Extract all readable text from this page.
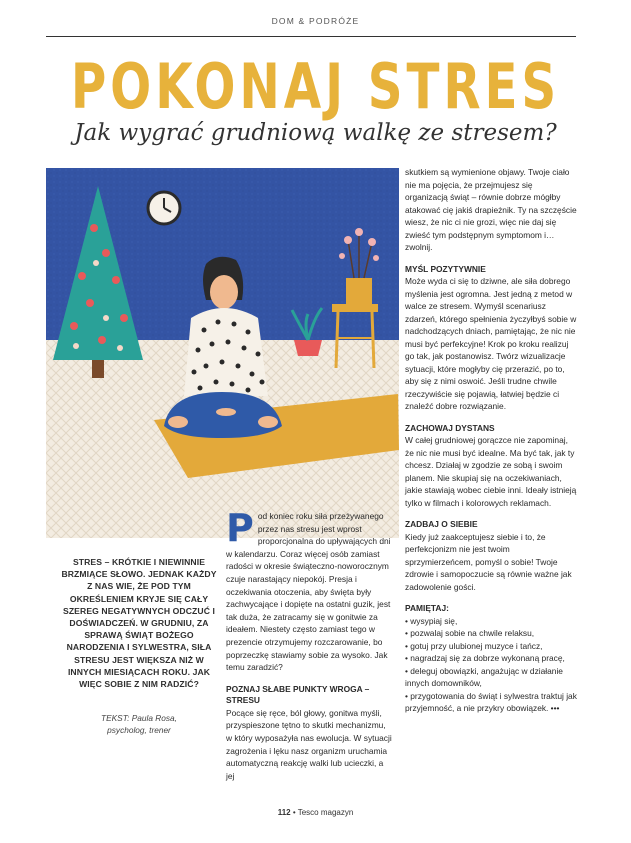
DOM & PODRÓŻE
POKONAJ STRES
Jak wygrać grudniową walkę ze stresem?

STRES – KRÓTKIE I NIEWINNIE BRZMIĄCE SŁOWO. JEDNAK KAŻDY Z NAS WIE, ŻE POD TYM OKREŚLENIEM KRYJE SIĘ CAŁY SZEREG NEGATYWNYCH ODCZUĆ I DOŚWIADCZEŃ. W GRUDNIU, ZA SPRAWĄ ŚWIĄT BOŻEGO NARODZENIA I SYLWESTRA, SIŁA STRESU JEST WIĘKSZA NIŻ W INNYCH MIESIĄCACH ROKU. JAK WIĘC SOBIE Z NIM RADZIĆ?

TEKST: Paula Rosa,
psycholog, trener

Pod koniec roku siła przeżywanego przez nas stresu jest wprost proporcjonalna do upływających dni w kalendarzu. Coraz więcej osób zamiast radości w okresie świąteczno-noworocznym czuje narastający niepokój. Presja i oczekiwania otoczenia, aby święta były zachwycające i dopięte na ostatni guzik, jest tak duża, że zatracamy się w gonitwie za ideałem. Niestety często zamiast tego w prezencie otrzymujemy rozczarowanie, bo poprzeczkę stawiamy sobie za wysoko. Jak temu zaradzić?

POZNAJ SŁABE PUNKTY WROGA – STRESU

Pocące się ręce, ból głowy, gonitwa myśli, przyspieszone tętno to skutki mechanizmu, w który wyposażyła nas ewolucja. W sytuacji zagrożenia i lęku nasz organizm uruchamia automatyczną reakcję walki lub ucieczki, a jej

skutkiem są wymienione objawy. Twoje ciało nie ma pojęcia, że przejmujesz się organizacją świąt – równie dobrze mógłby atakować cię jakiś drapieżnik. Ty na szczęście wiesz, że nic ci nie grozi, więc nie daj się zwieść tym podstępnym symptomom i… zwolnij.

MYŚL POZYTYWNIE

Może wyda ci się to dziwne, ale siła dobrego myślenia jest ogromna. Jest jedną z metod w walce ze stresem. Wymyśl scenariusz zdarzeń, którego spełnienia życzyłbyś sobie w nadchodzących dniach, pamiętając, że nic nie musi być perfekcyjne! Krok po kroku realizuj go tak, jak postanowisz. Twórz wizualizacje sytuacji, które mogłyby cię przerazić, po to, aby się z nimi oswoić. Jeśli trudne chwile rzeczywiście się pojawią, łatwiej będzie ci znaleźć dobre rozwiązanie.

ZACHOWAJ DYSTANS

W całej grudniowej gorączce nie zapominaj, że nic nie musi być idealne. Ma być tak, jak ty chcesz. Działaj w zgodzie ze sobą i swoim planem. Nie skupiaj się na oczekiwaniach, jakie stawiają wobec ciebie inni. Ideały istnieją tylko w filmach i kolorowych reklamach.

ZADBAJ O SIEBIE

Kiedy już zaakceptujesz siebie i to, że perfekcjonizm nie jest twoim sprzymierzeńcem, pomyśl o sobie! Twoje zdrowie i samopoczucie są równie ważne jak zadowolenie gości.

PAMIĘTAJ:
• wysypiaj się,
• pozwalaj sobie na chwile relaksu,
• gotuj przy ulubionej muzyce i tańcz,
• nagradzaj się za dobrze wykonaną pracę,
• deleguj obowiązki, angażując w działanie innych domowników,
• przygotowania do świąt i sylwestra traktuj jak przyjemność, a nie przykry obowiązek. •••
112 • Tesco magazyn
